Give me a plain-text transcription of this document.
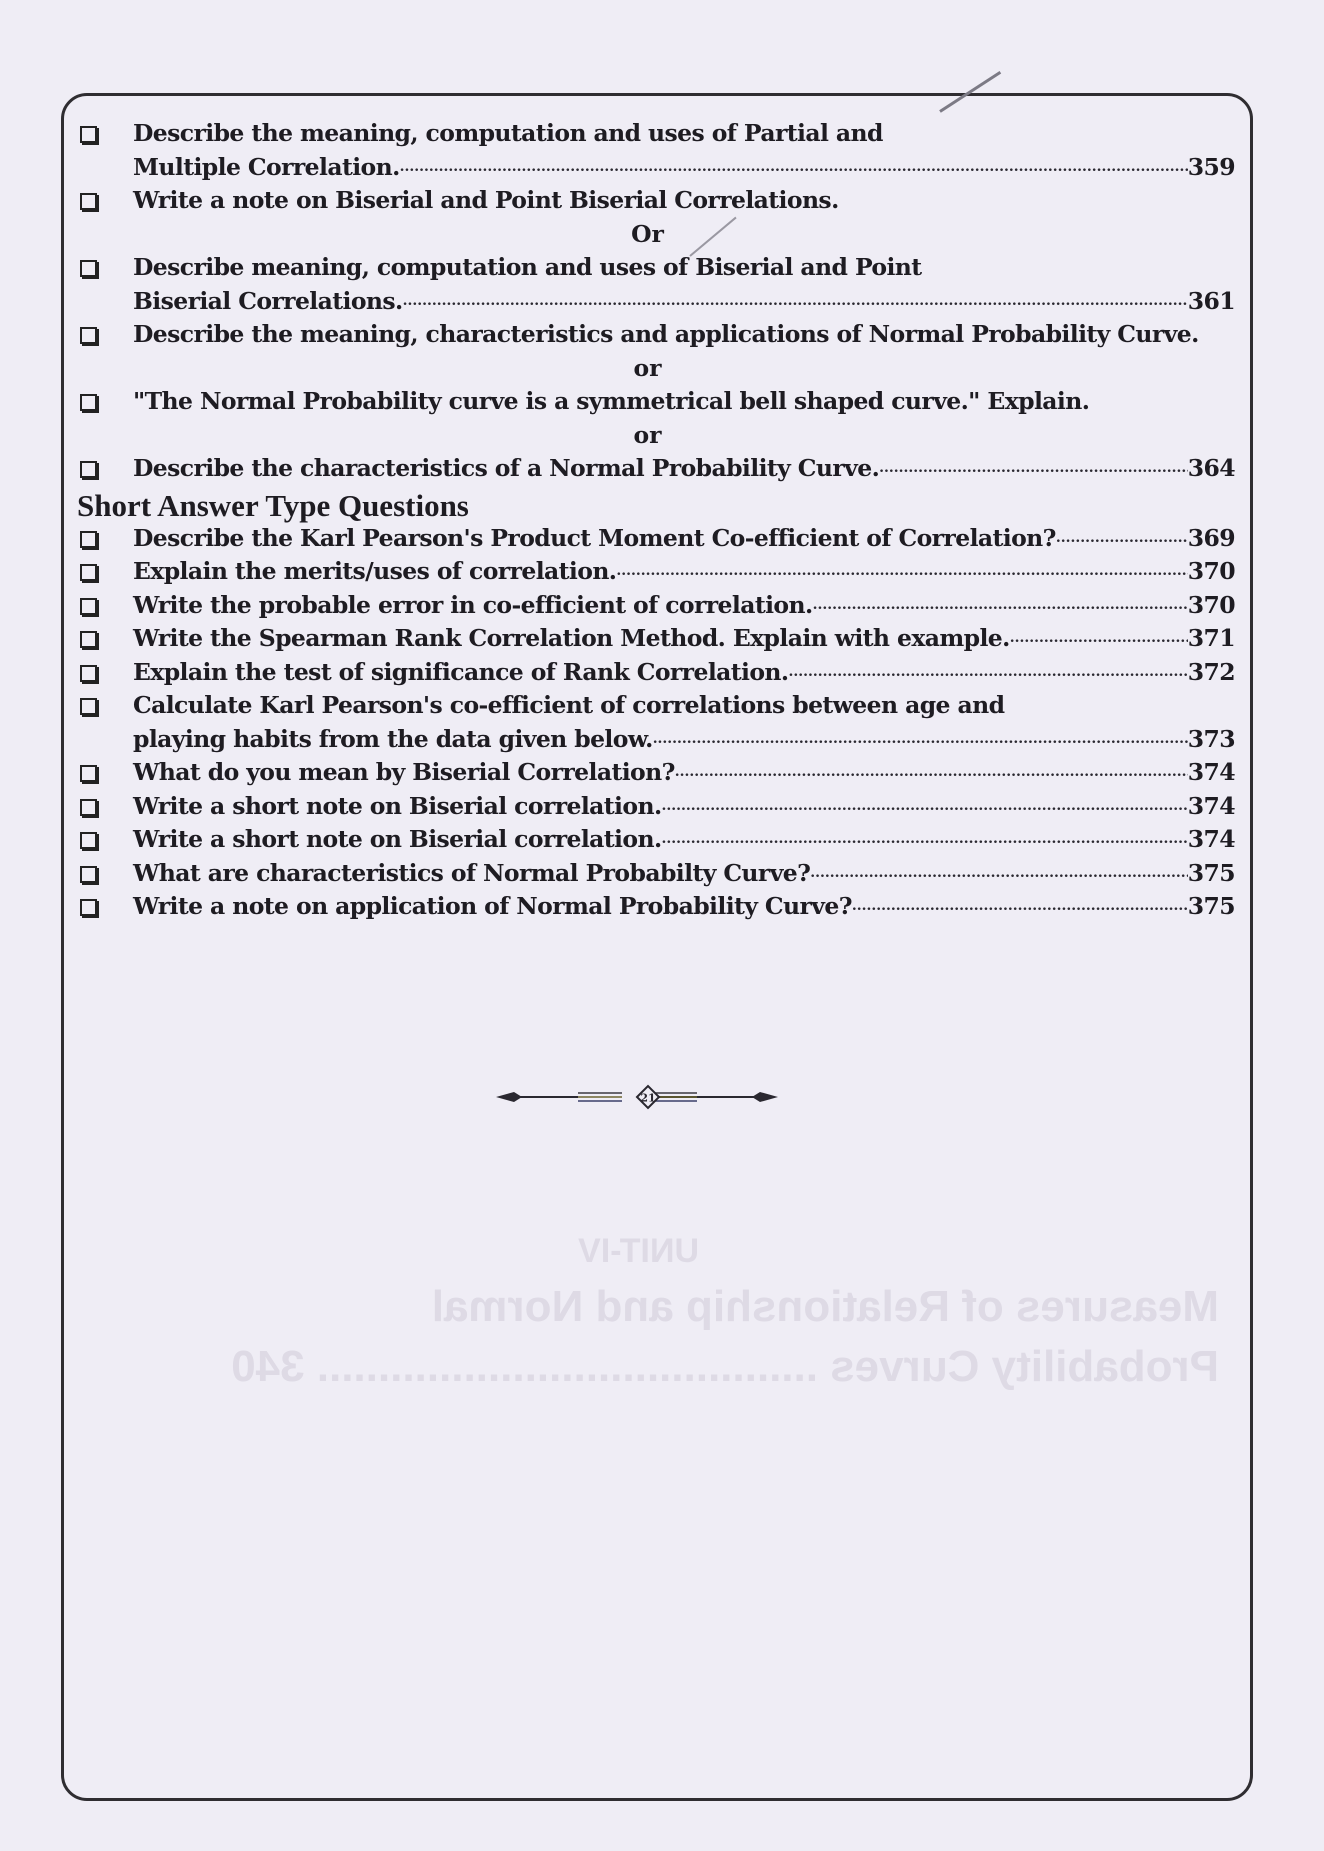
UNIT-IV
Measures of Relationship and Normal
Probability Curves ......................................... 340
Describe the meaning, computation and uses of Partial and
Multiple Correlation. .....	359
Write a note on Biserial and Point Biserial Correlations.
Or
Describe meaning, computation and uses of Biserial and Point
Biserial Correlations. .....	361
Describe the meaning, characteristics and applications of Normal Probability Curve.
or
"The Normal Probability curve is a symmetrical bell shaped curve." Explain.
or
Describe the characteristics of a Normal Probability Curve. .....	364
Short Answer Type Questions
Describe the Karl Pearson's Product Moment Co-efficient of Correlation? .....	369
Explain the merits/uses of correlation. .....	370
Write the probable error in co-efficient of correlation. .....	370
Write the Spearman Rank Correlation Method. Explain with example. .....	371
Explain the test of significance of Rank Correlation. .....	372
Calculate Karl Pearson's co-efficient of correlations between age and
playing habits from the data given below. .....	373
What do you mean by Biserial Correlation? .....	374
Write a short note on Biserial correlation. .....	374
Write a short note on Biserial correlation. .....	374
What are characteristics of Normal Probabilty Curve? .....	375
Write a note on application of Normal Probability Curve? .....	375
21
